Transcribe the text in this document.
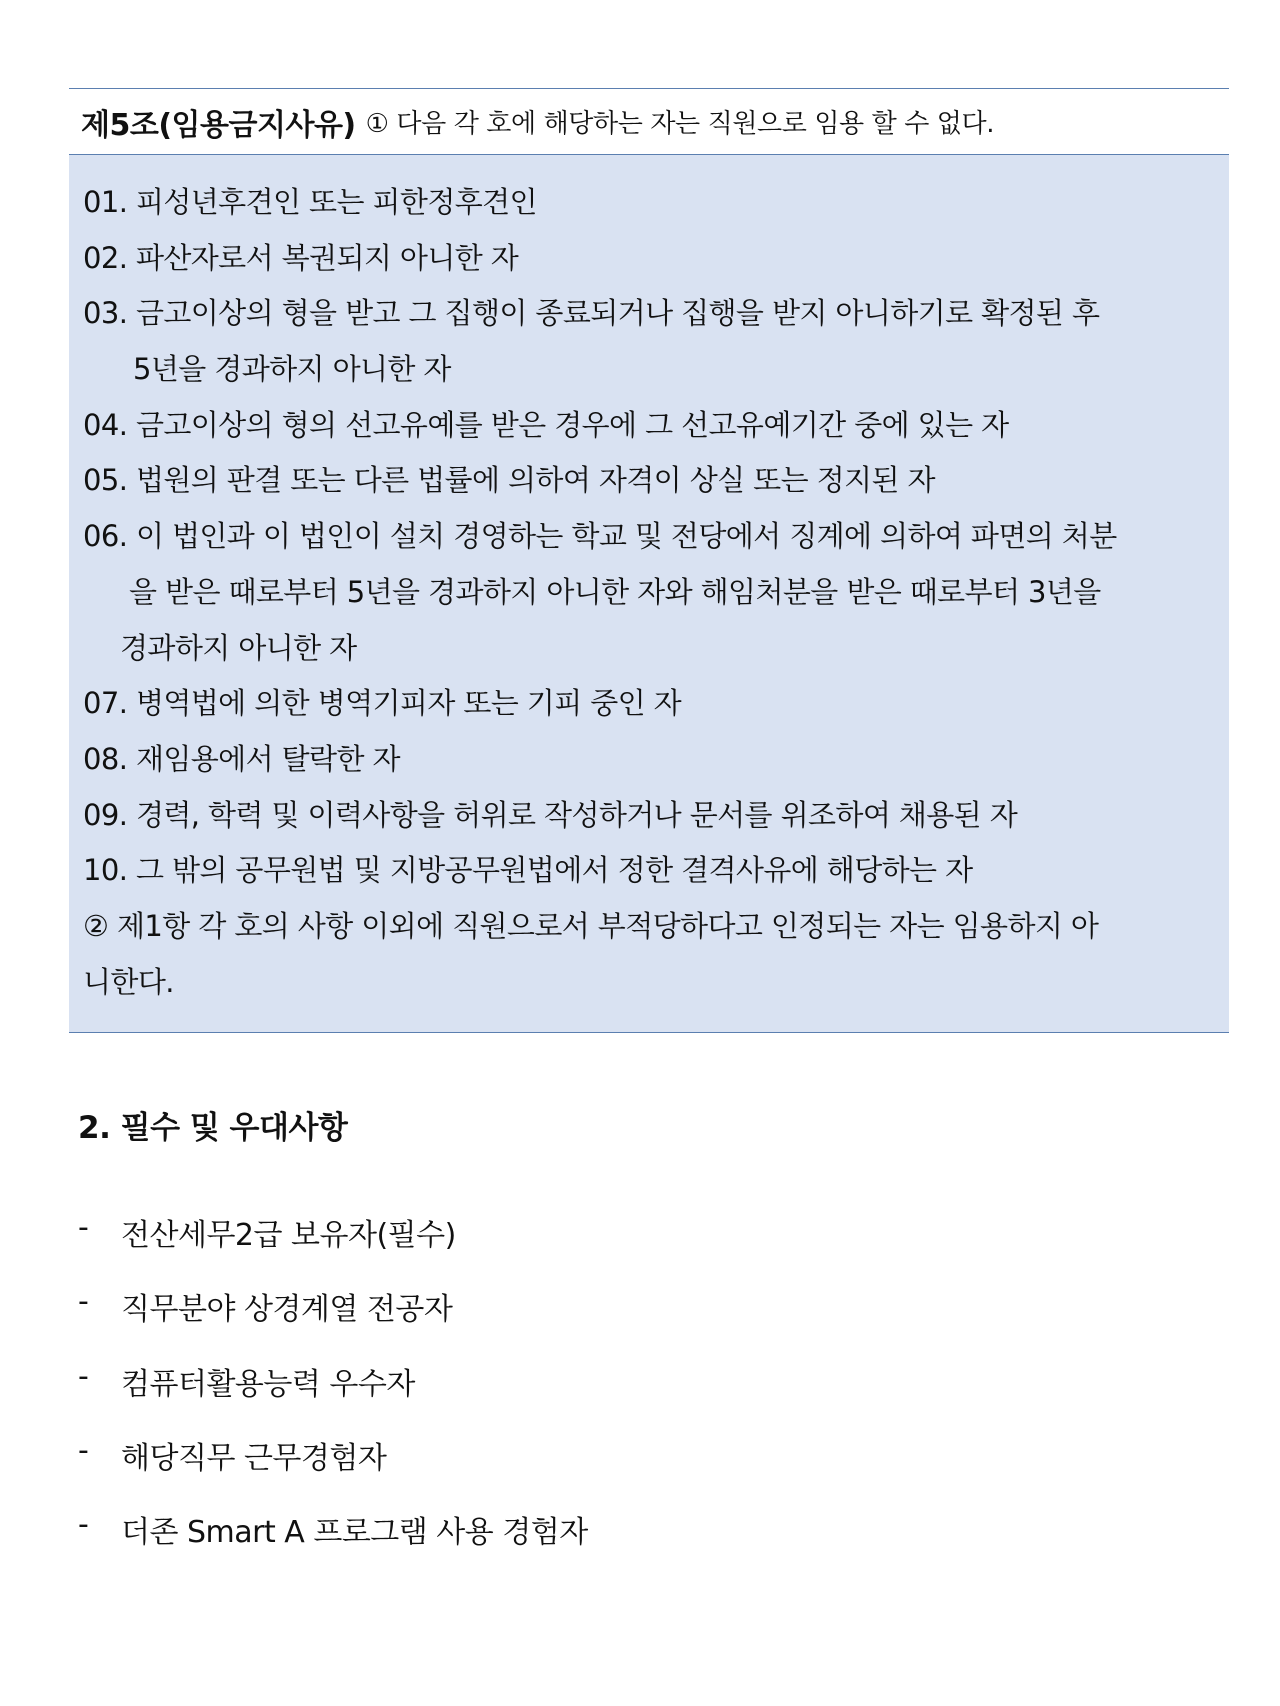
제5조(임용금지사유) ① 다음 각 호에 해당하는 자는 직원으로 임용 할 수 없다.
01. 피성년후견인 또는 피한정후견인
02. 파산자로서 복권되지 아니한 자
03. 금고이상의 형을 받고 그 집행이 종료되거나 집행을 받지 아니하기로 확정된 후
5년을 경과하지 아니한 자
04. 금고이상의 형의 선고유예를 받은 경우에 그 선고유예기간 중에 있는 자
05. 법원의 판결 또는 다른 법률에 의하여 자격이 상실 또는 정지된 자
06. 이 법인과 이 법인이 설치 경영하는 학교 및 전당에서 징계에 의하여 파면의 처분
을 받은 때로부터 5년을 경과하지 아니한 자와 해임처분을 받은 때로부터 3년을
경과하지 아니한 자
07. 병역법에 의한 병역기피자 또는 기피 중인 자
08. 재임용에서 탈락한 자
09. 경력, 학력 및 이력사항을 허위로 작성하거나 문서를 위조하여 채용된 자
10. 그 밖의 공무원법 및 지방공무원법에서 정한 결격사유에 해당하는 자
② 제1항 각 호의 사항 이외에 직원으로서 부적당하다고 인정되는 자는 임용하지 아
니한다.
2. 필수 및 우대사항
-	전산세무2급 보유자(필수)
-	직무분야 상경계열 전공자
-	컴퓨터활용능력 우수자
-	해당직무 근무경험자
-	더존 Smart A 프로그램 사용 경험자
